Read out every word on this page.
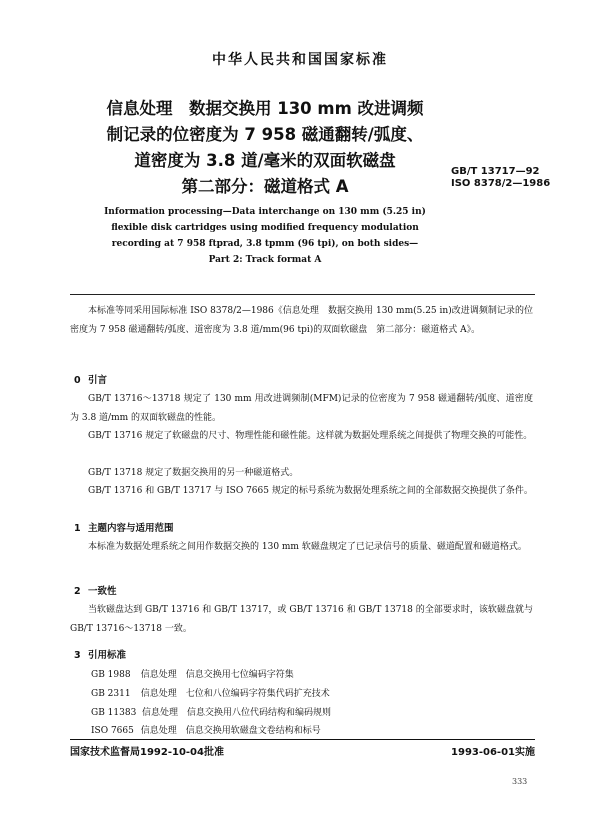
中华人民共和国国家标准
信息处理　数据交换用 130 mm 改进调频
制记录的位密度为 7 958 磁通翻转/弧度、
道密度为 3.8 道/毫米的双面软磁盘
第二部分：磁道格式 A
GB/T 13717—92
ISO 8378/2—1986
Information processing—Data interchange on 130 mm (5.25 in)
flexible disk cartridges using modified frequency modulation
recording at 7 958 ftprad, 3.8 tpmm (96 tpi), on both sides—
Part 2: Track format A
本标准等同采用国际标准 ISO 8378/2—1986《信息处理　数据交换用 130 mm(5.25 in)改进调频制记录的位密度为 7 958 磁通翻转/弧度、道密度为 3.8 道/mm(96 tpi)的双面软磁盘　第二部分：磁道格式 A》。
0 引言
GB/T 13716～13718 规定了 130 mm 用改进调频制(MFM)记录的位密度为 7 958 磁通翻转/弧度、道密度为 3.8 道/mm 的双面软磁盘的性能。
GB/T 13716 规定了软磁盘的尺寸、物理性能和磁性能。这样就为数据处理系统之间提供了物理交换的可能性。
GB/T 13718 规定了数据交换用的另一种磁道格式。
GB/T 13716 和 GB/T 13717 与 ISO 7665 规定的标号系统为数据处理系统之间的全部数据交换提供了条件。
1 主题内容与适用范围
本标准为数据处理系统之间用作数据交换的 130 mm 软磁盘规定了已记录信号的质量、磁道配置和磁道格式。
2 一致性
当软磁盘达到 GB/T 13716 和 GB/T 13717，或 GB/T 13716 和 GB/T 13718 的全部要求时，该软磁盘就与 GB/T 13716～13718 一致。
3 引用标准
GB 1988 信息处理　信息交换用七位编码字符集
GB 2311 信息处理　七位和八位编码字符集代码扩充技术
GB 11383 信息处理　信息交换用八位代码结构和编码规则
ISO 7665 信息处理　信息交换用软磁盘文卷结构和标号
国家技术监督局1992-10-04批准	1993-06-01实施
333
